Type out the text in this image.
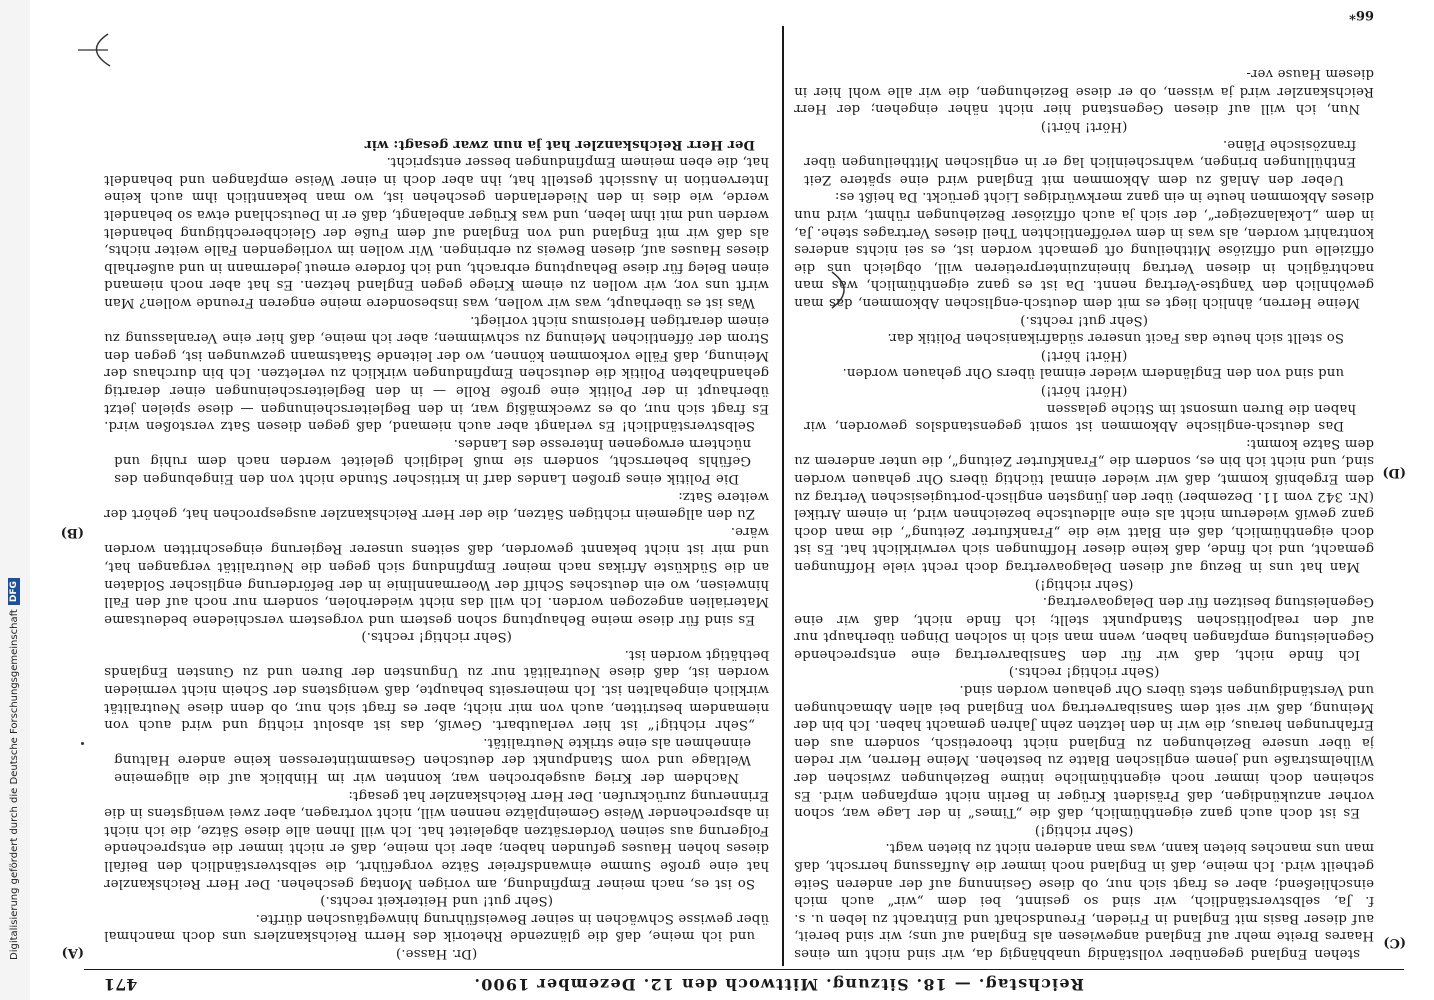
Digitalisierung gefördert durch die Deutsche Forschungsgemeinschaft
DFG
Reichstag. — 18. Sitzung. Mittwoch den 12. Dezember 1900.
471
(C)
(D)
(A)
(B)

stehen England gegenüber vollständig unabhängig da, wir sind nicht um eines Haares Breite mehr auf England angewiesen als England auf uns; wir sind bereit, auf dieser Basis mit England in Frieden, Freundschaft und Eintracht zu leben u. s. f. Ja, selbstverständlich, wir sind so gesinnt, bei dem „wir“ auch mich einschließend; aber es fragt sich nur, ob diese Gesinnung auf der anderen Seite getheilt wird. Ich meine, daß in England noch immer die Auffassung herrscht, daß man uns manches bieten kann, was man anderen nicht zu bieten wagt.

(Sehr richtig!)

Es ist doch auch ganz eigenthümlich, daß die „Times“ in der Lage war, schon vorher anzukündigen, daß Präsident Krüger in Berlin nicht empfangen wird. Es scheinen doch immer noch eigenthümliche intime Beziehungen zwischen der Wilhelmstraße und jenem englischen Blatte zu bestehen. Meine Herren, wir reden ja über unsere Beziehungen zu England nicht theoretisch, sondern aus den Erfahrungen heraus, die wir in den letzten zehn Jahren gemacht haben. Ich bin der Meinung, daß wir seit dem Sansibarvertrag von England bei allen Abmachungen und Verständigungen stets übers Ohr gehauen worden sind.

(Sehr richtig! rechts.)

Ich finde nicht, daß wir für den Sansibarvertrag eine entsprechende Gegenleistung empfangen haben, wenn man sich in solchen Dingen überhaupt nur auf den realpolitischen Standpunkt stellt; ich finde nicht, daß wir eine Gegenleistung besitzen für den Delagoavertrag.

(Sehr richtig!)

Man hat uns in Bezug auf diesen Delagoavertrag doch recht viele Hoffnungen gemacht, und ich finde, daß keine dieser Hoffnungen sich verwirklicht hat. Es ist doch eigenthümlich, daß ein Blatt wie die „Frankfurter Zeitung“, die man doch ganz gewiß wiederum nicht als eine alldeutsche bezeichnen wird, in einem Artikel (Nr. 342 vom 11. Dezember) über den jüngsten englisch-portugiesischen Vertrag zu dem Ergebniß kommt, daß wir wieder einmal tüchtig übers Ohr gehauen worden sind, und nicht ich bin es, sondern die „Frankfurter Zeitung“, die unter anderem zu dem Satze kommt:

Das deutsch-englische Abkommen ist somit gegenstandslos geworden, wir haben die Buren umsonst im Stiche gelassen

(Hört! hört!)

und sind von den Engländern wieder einmal übers Ohr gehauen worden.

(Hört! hört!)

So stellt sich heute das Facit unserer südafrikanischen Politik dar.

(Sehr gut! rechts.)

Meine Herren, ähnlich liegt es mit dem deutsch-englischen Abkommen, das man gewöhnlich den Yangtse-Vertrag nennt. Da ist es ganz eigenthümlich, was man nachträglich in diesen Vertrag hineinzuinterpretieren will, obgleich uns die offizielle und offiziöse Mittheilung oft gemacht worden ist, es sei nichts anderes kontrahirt worden, als was in dem veröffentlichten Theil dieses Vertrages stehe. Ja, in dem „Lokalanzeiger“, der sich ja auch offiziöser Beziehungen rühmt, wird nun dieses Abkommen heute in ein ganz merkwürdiges Licht gerückt. Da heißt es:

Ueber den Anlaß zu dem Abkommen mit England wird eine spätere Zeit Enthüllungen bringen, wahrscheinlich lag er in englischen Mittheilungen über französische Pläne.

(Hört! hört!)

Nun, ich will auf diesen Gegenstand hier nicht näher eingehen; der Herr Reichskanzler wird ja wissen, ob er diese Beziehungen, die wir alle wohl hier in diesem Hause ver-

(Dr. Hasse.)

und ich meine, daß die glänzende Rhetorik des Herrn Reichskanzlers uns doch manchmal über gewisse Schwächen in seiner Beweisführung hinwegtäuschen dürfte.

(Sehr gut! und Heiterkeit rechts.)

So ist es, nach meiner Empfindung, am vorigen Montag geschehen. Der Herr Reichskanzler hat eine große Summe einwandsfreier Sätze vorgeführt, die selbstverständlich den Beifall dieses hohen Hauses gefunden haben; aber ich meine, daß er nicht immer die entsprechende Folgerung aus seinen Vordersätzen abgeleitet hat. Ich will Ihnen alle diese Sätze, die ich nicht in absprechender Weise Gemeinplätze nennen will, nicht vortragen, aber zwei wenigstens in die Erinnerung zurückrufen. Der Herr Reichskanzler hat gesagt:

Nachdem der Krieg ausgebrochen war, konnten wir im Hinblick auf die allgemeine Weltlage und vom Standpunkt der deutschen Gesammtinteressen keine andere Haltung einnehmen als eine strikte Neutralität.

„Sehr richtig!“ ist hier verlautbart. Gewiß, das ist absolut richtig und wird auch von niemandem bestritten, auch von mir nicht; aber es fragt sich nur, ob denn diese Neutralität wirklich eingehalten ist. Ich meinerseits behaupte, daß wenigstens der Schein nicht vermieden worden ist, daß diese Neutralität nur zu Ungunsten der Buren und zu Gunsten Englands bethätigt worden ist.

(Sehr richtig! rechts.)

Es sind für diese meine Behauptung schon gestern und vorgestern verschiedene bedeutsame Materialien angezogen worden. Ich will das nicht wiederholen, sondern nur noch auf den Fall hinweisen, wo ein deutsches Schiff der Woermannlinie in der Beförderung englischer Soldaten an die Südküste Afrikas nach meiner Empfindung sich gegen die Neutralität vergangen hat, und mir ist nicht bekannt geworden, daß seitens unserer Regierung eingeschritten worden wäre.

Zu den allgemein richtigen Sätzen, die der Herr Reichskanzler ausgesprochen hat, gehört der weitere Satz:

Die Politik eines großen Landes darf in kritischer Stunde nicht von den Eingebungen des Gefühls beherrscht, sondern sie muß lediglich geleitet werden nach dem ruhig und nüchtern erwogenen Interesse des Landes.

Selbstverständlich! Es verlangt aber auch niemand, daß gegen diesen Satz verstoßen wird. Es fragt sich nur, ob es zweckmäßig war, in den Begleiterscheinungen — diese spielen jetzt überhaupt in der Politik eine große Rolle — in den Begleiterscheinungen einer derartig gehandhabten Politik die deutschen Empfindungen wirklich zu verletzen. Ich bin durchaus der Meinung, daß Fälle vorkommen können, wo der leitende Staatsmann gezwungen ist, gegen den Strom der öffentlichen Meinung zu schwimmen; aber ich meine, daß hier eine Veranlassung zu einem derartigen Heroismus nicht vorliegt.

Was ist es überhaupt, was wir wollen, was insbesondere meine engeren Freunde wollen? Man wirft uns vor, wir wollen zu einem Kriege gegen England hetzen. Es hat aber noch niemand einen Beleg für diese Behauptung erbracht, und ich fordere erneut jedermann in und außerhalb dieses Hauses auf, diesen Beweis zu erbringen. Wir wollen im vorliegenden Falle weiter nichts, als daß wir mit England und von England auf dem Fuße der Gleichberechtigung behandelt werden und mit ihm leben, und was Krüger anbelangt, daß er in Deutschland etwa so behandelt werde, wie dies in den Niederlanden geschehen ist, wo man bekanntlich ihm auch keine Intervention in Aussicht gestellt hat, ihn aber doch in einer Weise empfangen und behandelt hat, die eben meinem Empfindungen besser entspricht.

Der Herr Reichskanzler hat ja nun zwar gesagt: wir

66*
